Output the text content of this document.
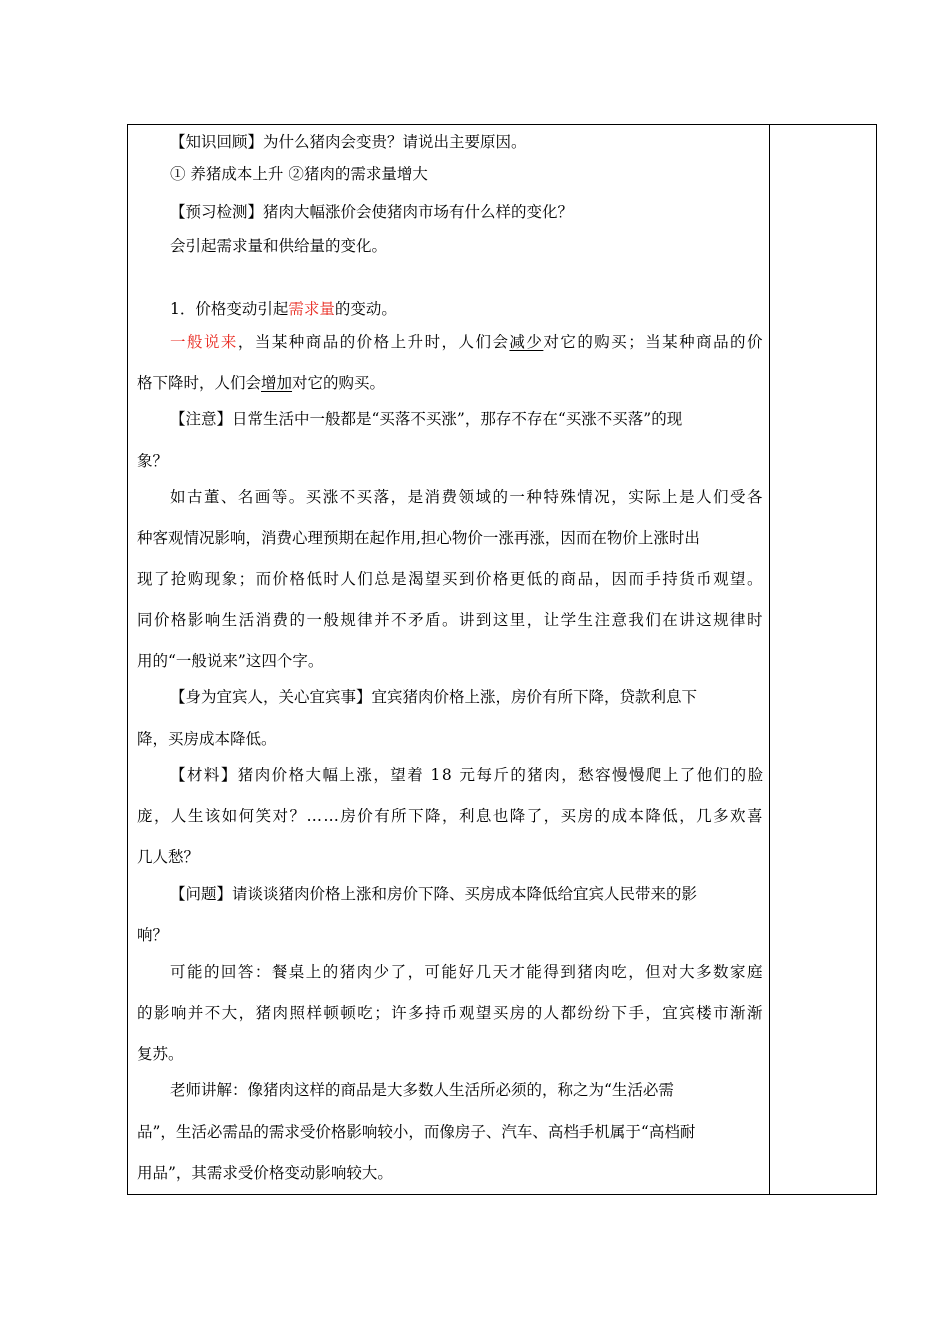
【知识回顾】为什么猪肉会变贵？请说出主要原因。
① 养猪成本上升 ②猪肉的需求量增大
【预习检测】猪肉大幅涨价会使猪肉市场有什么样的变化？
会引起需求量和供给量的变化。
1．价格变动引起需求量的变动。
一般说来，当某种商品的价格上升时，人们会减少对它的购买；当某种商品的价
格下降时，人们会增加对它的购买。
【注意】日常生活中一般都是“买落不买涨”，那存不存在“买涨不买落”的现
象？
如古董、名画等。买涨不买落，是消费领域的一种特殊情况，实际上是人们受各
种客观情况影响，消费心理预期在起作用,担心物价一涨再涨，因而在物价上涨时出
现了抢购现象；而价格低时人们总是渴望买到价格更低的商品，因而手持货币观望。
同价格影响生活消费的一般规律并不矛盾。讲到这里，让学生注意我们在讲这规律时
用的“一般说来”这四个字。
【身为宜宾人，关心宜宾事】宜宾猪肉价格上涨，房价有所下降，贷款利息下
降，买房成本降低。
【材料】猪肉价格大幅上涨，望着 18 元每斤的猪肉，愁容慢慢爬上了他们的脸
庞，人生该如何笑对？……房价有所下降，利息也降了，买房的成本降低，几多欢喜
几人愁？
【问题】请谈谈猪肉价格上涨和房价下降、买房成本降低给宜宾人民带来的影
响？
可能的回答：餐桌上的猪肉少了，可能好几天才能得到猪肉吃，但对大多数家庭
的影响并不大，猪肉照样顿顿吃；许多持币观望买房的人都纷纷下手，宜宾楼市渐渐
复苏。
老师讲解：像猪肉这样的商品是大多数人生活所必须的，称之为“生活必需
品”，生活必需品的需求受价格影响较小，而像房子、汽车、高档手机属于“高档耐
用品”，其需求受价格变动影响较大。
